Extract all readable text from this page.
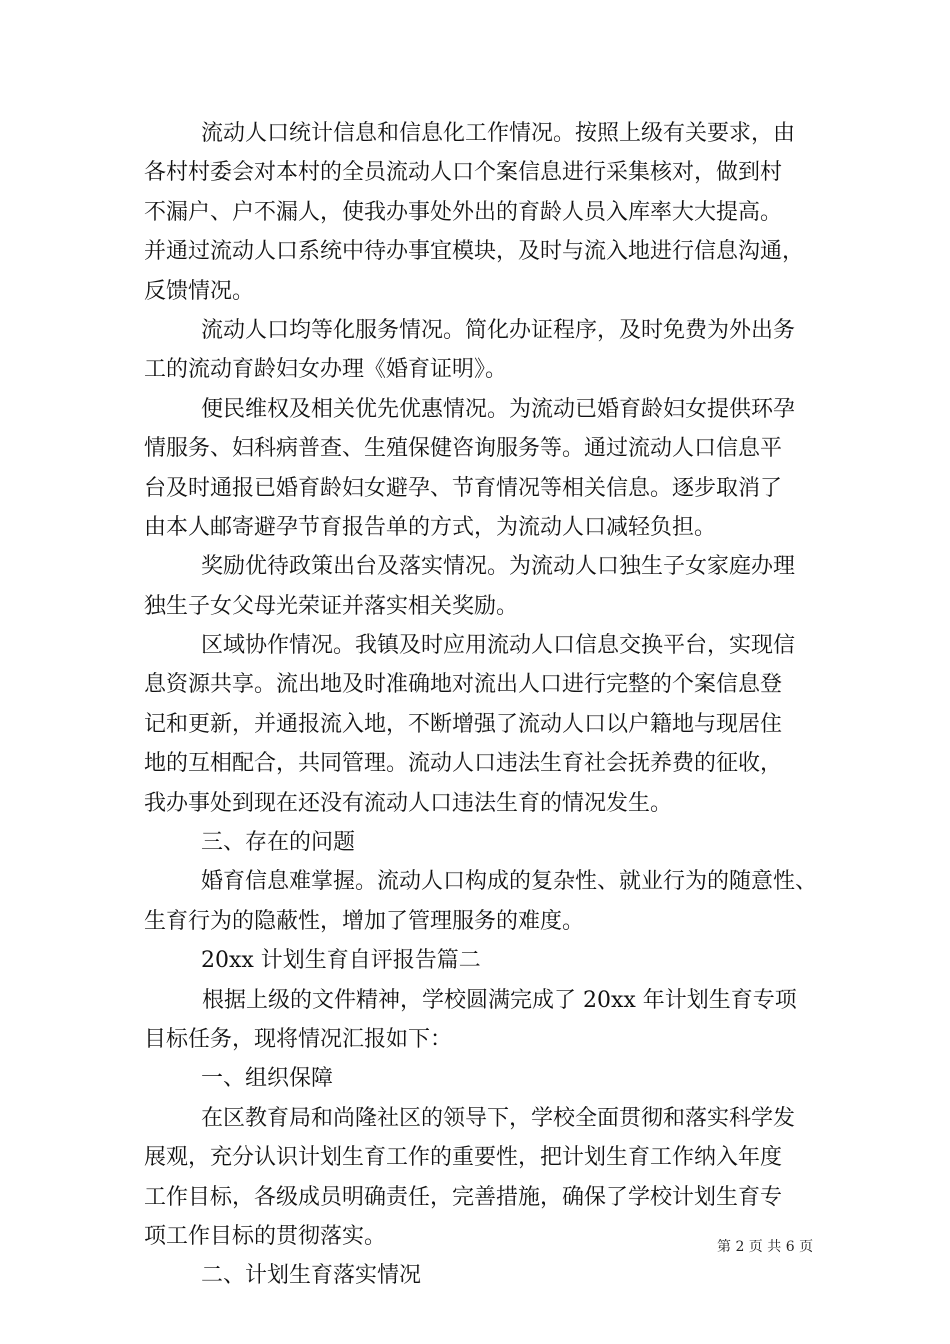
流动人口统计信息和信息化工作情况。按照上级有关要求，由
各村村委会对本村的全员流动人口个案信息进行采集核对，做到村
不漏户、户不漏人，使我办事处外出的育龄人员入库率大大提高。
并通过流动人口系统中待办事宜模块，及时与流入地进行信息沟通，
反馈情况。
流动人口均等化服务情况。简化办证程序，及时免费为外出务
工的流动育龄妇女办理《婚育证明》。
便民维权及相关优先优惠情况。为流动已婚育龄妇女提供环孕
情服务、妇科病普查、生殖保健咨询服务等。通过流动人口信息平
台及时通报已婚育龄妇女避孕、节育情况等相关信息。逐步取消了
由本人邮寄避孕节育报告单的方式，为流动人口减轻负担。
奖励优待政策出台及落实情况。为流动人口独生子女家庭办理
独生子女父母光荣证并落实相关奖励。
区域协作情况。我镇及时应用流动人口信息交换平台，实现信
息资源共享。流出地及时准确地对流出人口进行完整的个案信息登
记和更新，并通报流入地，不断增强了流动人口以户籍地与现居住
地的互相配合，共同管理。流动人口违法生育社会抚养费的征收，
我办事处到现在还没有流动人口违法生育的情况发生。
三、存在的问题
婚育信息难掌握。流动人口构成的复杂性、就业行为的随意性、
生育行为的隐蔽性，增加了管理服务的难度。
20xx 计划生育自评报告篇二
根据上级的文件精神，学校圆满完成了 20xx 年计划生育专项
目标任务，现将情况汇报如下：
一、组织保障
在区教育局和尚隆社区的领导下，学校全面贯彻和落实科学发
展观，充分认识计划生育工作的重要性，把计划生育工作纳入年度
工作目标，各级成员明确责任，完善措施，确保了学校计划生育专
项工作目标的贯彻落实。
二、计划生育落实情况
第 2 页 共 6 页
